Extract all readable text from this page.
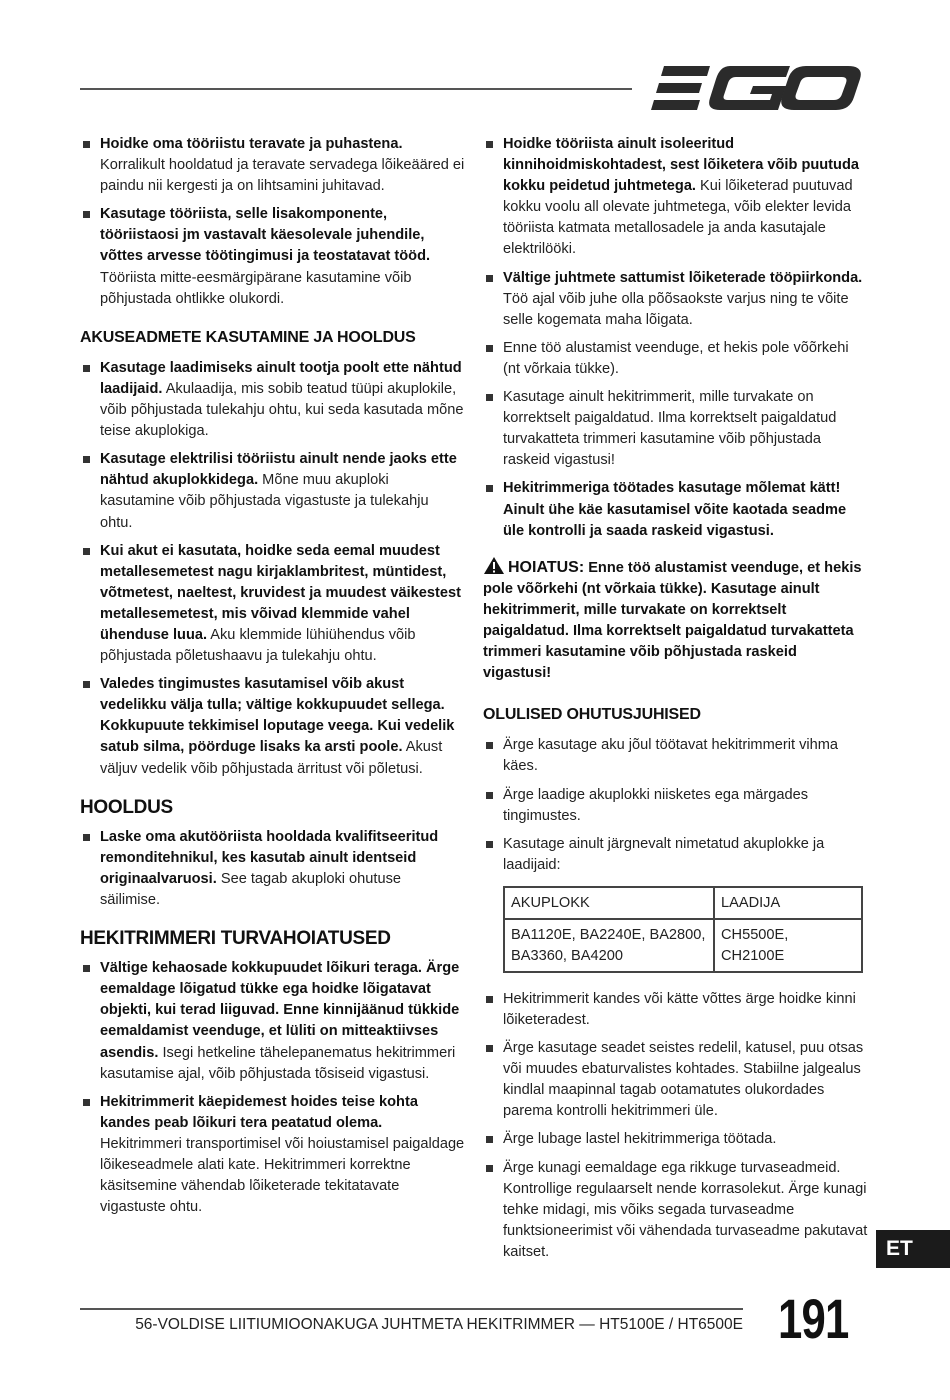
Hoidke oma tööriistu teravate ja puhastena. Korralikult hooldatud ja teravate servadega lõikeääred ei paindu nii kergesti ja on lihtsamini juhitavad.
Kasutage tööriista, selle lisakomponente, tööriistaosi jm vastavalt käesolevale juhendile, võttes arvesse töötingimusi ja teostatavat tööd. Tööriista mitte-eesmärgipärane kasutamine võib põhjustada ohtlikke olukordi.
AKUSEADMETE KASUTAMINE JA HOOLDUS
Kasutage laadimiseks ainult tootja poolt ette nähtud laadijaid. Akulaadija, mis sobib teatud tüüpi akuplokile, võib põhjustada tulekahju ohtu, kui seda kasutada mõne teise akuplokiga.
Kasutage elektrilisi tööriistu ainult nende jaoks ette nähtud akuplokkidega. Mõne muu akuploki kasutamine võib põhjustada vigastuste ja tulekahju ohtu.
Kui akut ei kasutata, hoidke seda eemal muudest metallesemetest nagu kirjaklambritest, müntidest, võtmetest, naeltest, kruvidest ja muudest väikestest metallesemetest, mis võivad klemmide vahel ühenduse luua. Aku klemmide lühiühendus võib põhjustada põletushaavu ja tulekahju ohtu.
Valedes tingimustes kasutamisel võib akust vedelikku välja tulla; vältige kokkupuudet sellega. Kokkupuute tekkimisel loputage veega. Kui vedelik satub silma, pöörduge lisaks ka arsti poole. Akust väljuv vedelik võib põhjustada ärritust või põletusi.
HOOLDUS
Laske oma akutööriista hooldada kvalifitseeritud remonditehnikul, kes kasutab ainult identseid originaalvaruosi. See tagab akuploki ohutuse säilimise.
HEKITRIMMERI TURVAHOIATUSED
Vältige kehaosade kokkupuudet lõikuri teraga. Ärge eemaldage lõigatud tükke ega hoidke lõigatavat objekti, kui terad liiguvad. Enne kinnijäänud tükkide eemaldamist veenduge, et lüliti on mitteaktiivses asendis. Isegi hetkeline tähelepanematus hekitrimmeri kasutamise ajal, võib põhjustada tõsiseid vigastusi.
Hekitrimmerit käepidemest hoides teise kohta kandes peab lõikuri tera peatatud olema. Hekitrimmeri transportimisel või hoiustamisel paigaldage lõikeseadmele alati kate. Hekitrimmeri korrektne käsitsemine vähendab lõiketerade tekitatavate vigastuste ohtu.
Hoidke tööriista ainult isoleeritud kinnihoidmiskohtadest, sest lõiketera võib puutuda kokku peidetud juhtmetega. Kui lõiketerad puutuvad kokku voolu all olevate juhtmetega, võib elekter levida tööriista katmata metallosadele ja anda kasutajale elektrilööki.
Vältige juhtmete sattumist lõiketerade tööpiirkonda. Töö ajal võib juhe olla põõsaokste varjus ning te võite selle kogemata maha lõigata.
Enne töö alustamist veenduge, et hekis pole võõrkehi (nt võrkaia tükke).
Kasutage ainult hekitrimmerit, mille turvakate on korrektselt paigaldatud. Ilma korrektselt paigaldatud turvakatteta trimmeri kasutamine võib põhjustada raskeid vigastusi!
Hekitrimmeriga töötades kasutage mõlemat kätt! Ainult ühe käe kasutamisel võite kaotada seadme üle kontrolli ja saada raskeid vigastusi.
HOIATUS: Enne töö alustamist veenduge, et hekis pole võõrkehi (nt võrkaia tükke). Kasutage ainult hekitrimmerit, mille turvakate on korrektselt paigaldatud. Ilma korrektselt paigaldatud turvakatteta trimmeri kasutamine võib põhjustada raskeid vigastusi!
OLULISED OHUTUSJUHISED
Ärge kasutage aku jõul töötavat hekitrimmerit vihma käes.
Ärge laadige akuplokki niisketes ega märgades tingimustes.
Kasutage ainult järgnevalt nimetatud akuplokke ja laadijaid:
AKUPLOKK	LAADIJA
BA1120E, BA2240E, BA2800, BA3360, BA4200	CH5500E, CH2100E
Hekitrimmerit kandes või kätte võttes ärge hoidke kinni lõiketeradest.
Ärge kasutage seadet seistes redelil, katusel, puu otsas või muudes ebaturvalistes kohtades. Stabiilne jalgealus kindlal maapinnal tagab ootamatutes olukordades parema kontrolli hekitrimmeri üle.
Ärge lubage lastel hekitrimmeriga töötada.
Ärge kunagi eemaldage ega rikkuge turvaseadmeid. Kontrollige regulaarselt nende korrasolekut. Ärge kunagi tehke midagi, mis võiks segada turvaseadme funktsioneerimist või vähendada turvaseadme pakutavat kaitset.	ET
56-VOLDISE LIITIUMIOONAKUGA JUHTMETA HEKITRIMMER — HT5100E / HT6500E 191
